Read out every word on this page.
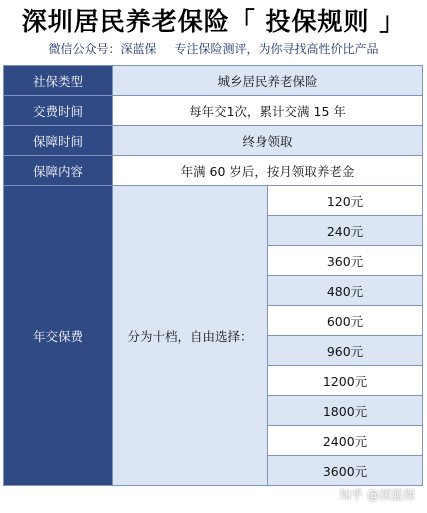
深圳居民养老保险「 投保规则 」
微信公众号：深蓝保 专注保险测评，为你寻找高性价比产品
社保类型	城乡居民养老保险	
交费时间	每年交1次，累计交满 15 年	
保障时间	终身领取	
保障内容	年满 60 岁后，按月领取养老金	
年交保费	分为十档，自由选择：	120元
		240元
		360元
		480元
		600元
		960元
		1200元
		1800元
		2400元
		3600元
知乎 @深蓝保
